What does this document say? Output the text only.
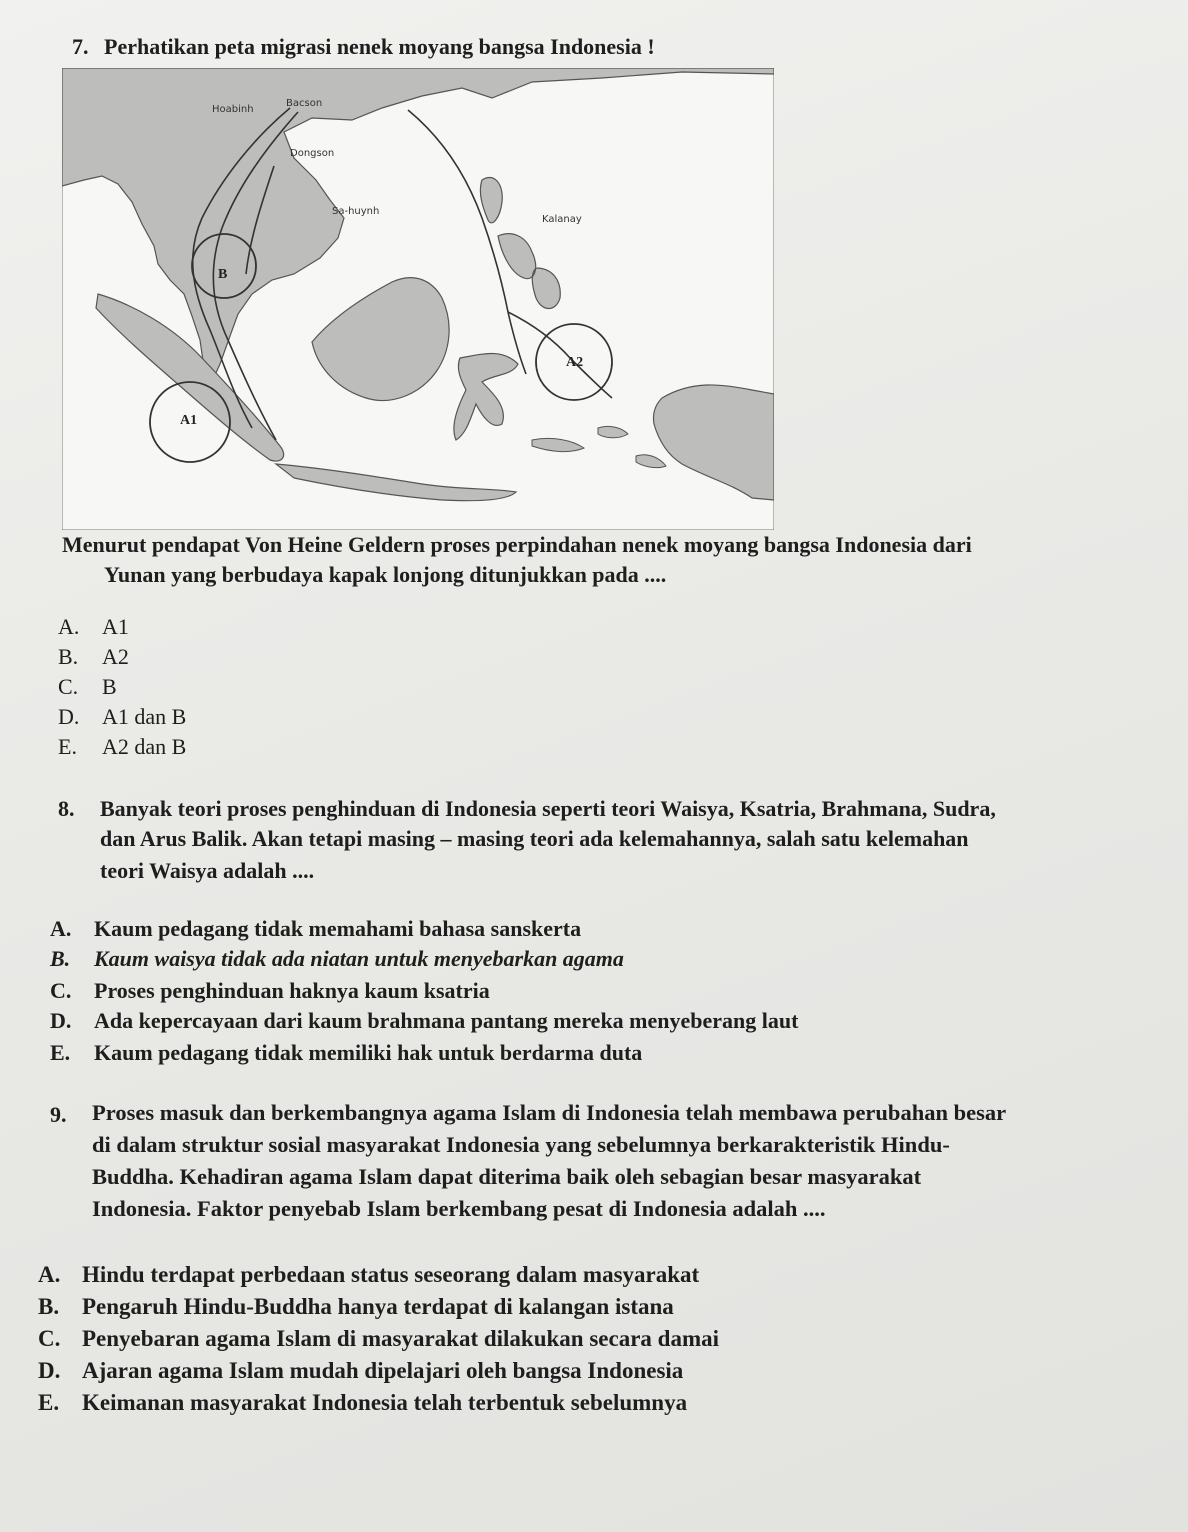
7. Perhatikan peta migrasi nenek moyang bangsa Indonesia !
Hoabinh
Bacson
Dongson
Sa-huynh
Kalanay
B
A2
A1
Menurut pendapat Von Heine Geldern proses perpindahan nenek moyang bangsa Indonesia dari
Yunan yang berbudaya kapak lonjong ditunjukkan pada ....
A. A1
B. A2
C. B
D. A1 dan B
E. A2 dan B
8. Banyak teori proses penghinduan di Indonesia seperti teori Waisya, Ksatria, Brahmana, Sudra,
dan Arus Balik. Akan tetapi masing – masing teori ada kelemahannya, salah satu kelemahan
teori Waisya adalah ....
A. Kaum pedagang tidak memahami bahasa sanskerta
B. Kaum waisya tidak ada niatan untuk menyebarkan agama
C. Proses penghinduan haknya kaum ksatria
D. Ada kepercayaan dari kaum brahmana pantang mereka menyeberang laut
E. Kaum pedagang tidak memiliki hak untuk berdarma duta
9. Proses masuk dan berkembangnya agama Islam di Indonesia telah membawa perubahan besar
di dalam struktur sosial masyarakat Indonesia yang sebelumnya berkarakteristik Hindu-
Buddha. Kehadiran agama Islam dapat diterima baik oleh sebagian besar masyarakat
Indonesia. Faktor penyebab Islam berkembang pesat di Indonesia adalah ....
A. Hindu terdapat perbedaan status seseorang dalam masyarakat
B. Pengaruh Hindu-Buddha hanya terdapat di kalangan istana
C. Penyebaran agama Islam di masyarakat dilakukan secara damai
D. Ajaran agama Islam mudah dipelajari oleh bangsa Indonesia
E. Keimanan masyarakat Indonesia telah terbentuk sebelumnya
